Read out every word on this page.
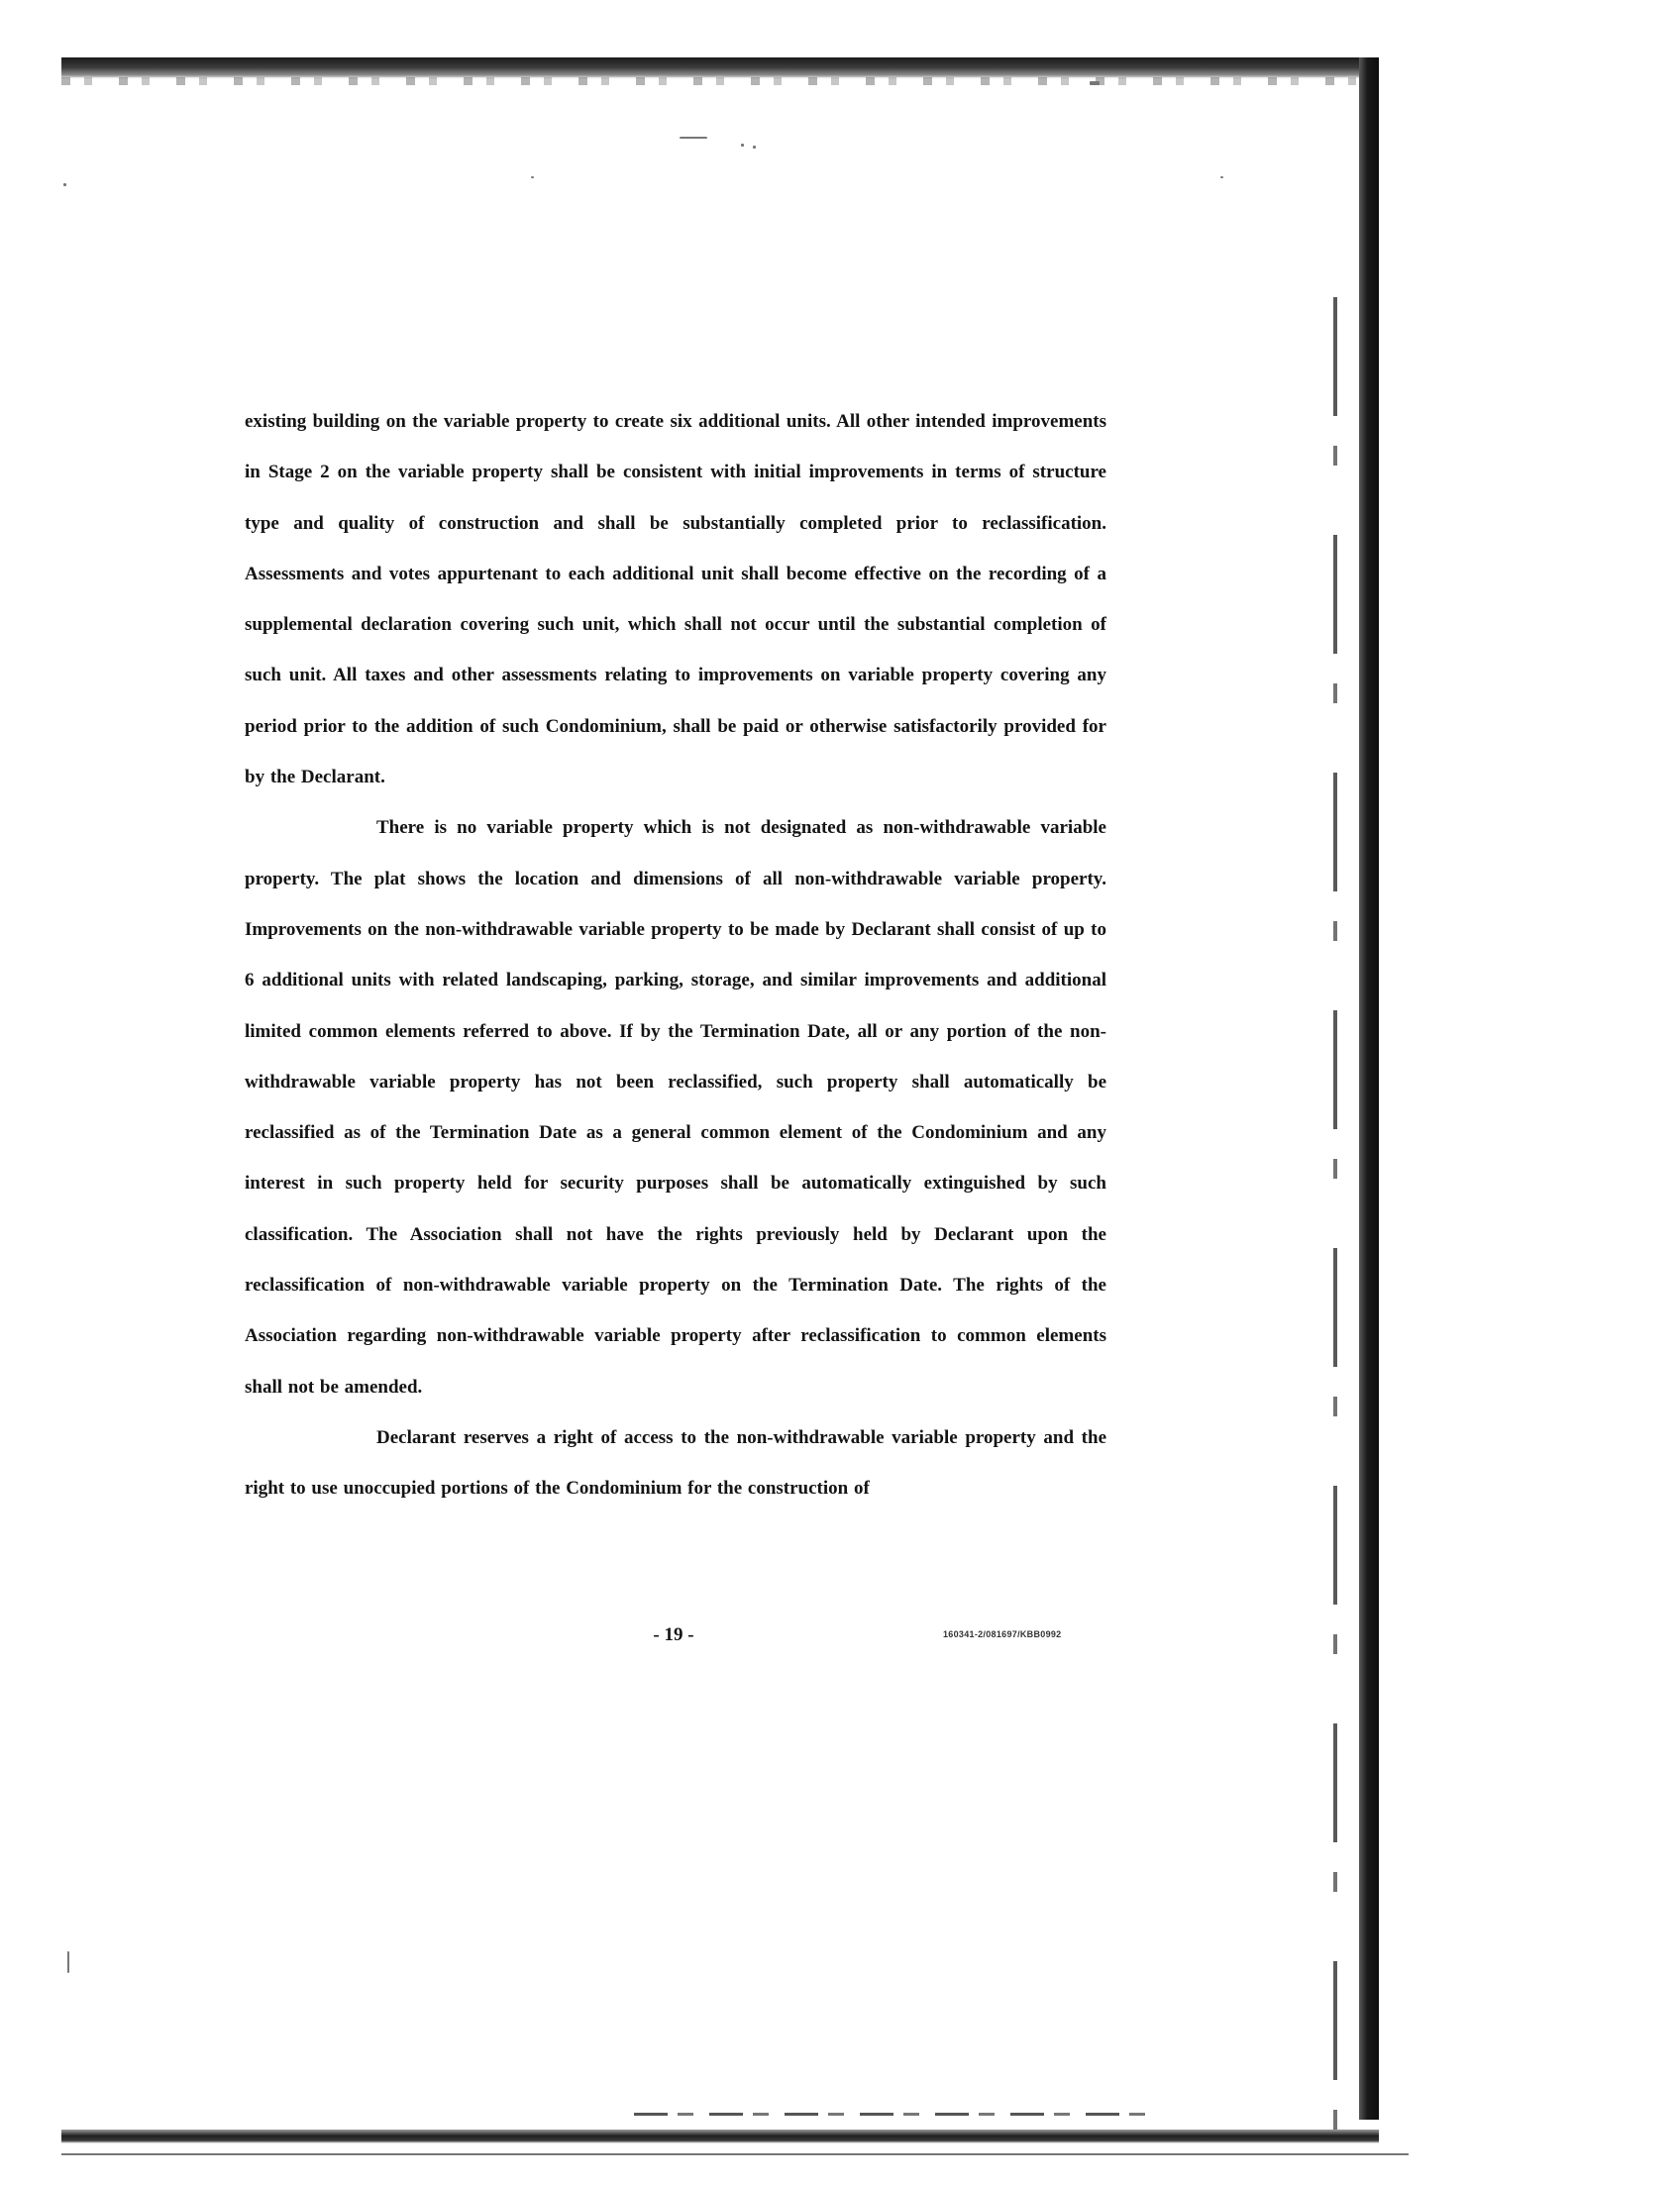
existing building on the variable property to create six additional units. All other intended improvements in Stage 2 on the variable property shall be consistent with initial improvements in terms of structure type and quality of construction and shall be substantially completed prior to reclassification. Assessments and votes appurtenant to each additional unit shall become effective on the recording of a supplemental declaration covering such unit, which shall not occur until the substantial completion of such unit. All taxes and other assessments relating to improvements on variable property covering any period prior to the addition of such Condominium, shall be paid or otherwise satisfactorily provided for by the Declarant.

There is no variable property which is not designated as non-withdrawable variable property. The plat shows the location and dimensions of all non-withdrawable variable property. Improvements on the non-withdrawable variable property to be made by Declarant shall consist of up to 6 additional units with related landscaping, parking, storage, and similar improvements and additional limited common elements referred to above. If by the Termination Date, all or any portion of the non-withdrawable variable property has not been reclassified, such property shall automatically be reclassified as of the Termination Date as a general common element of the Condominium and any interest in such property held for security purposes shall be automatically extinguished by such classification. The Association shall not have the rights previously held by Declarant upon the reclassification of non-withdrawable variable property on the Termination Date. The rights of the Association regarding non-withdrawable variable property after reclassification to common elements shall not be amended.

Declarant reserves a right of access to the non-withdrawable variable property and the right to use unoccupied portions of the Condominium for the construction of

- 19 -	160341-2/081697/KBB0992
